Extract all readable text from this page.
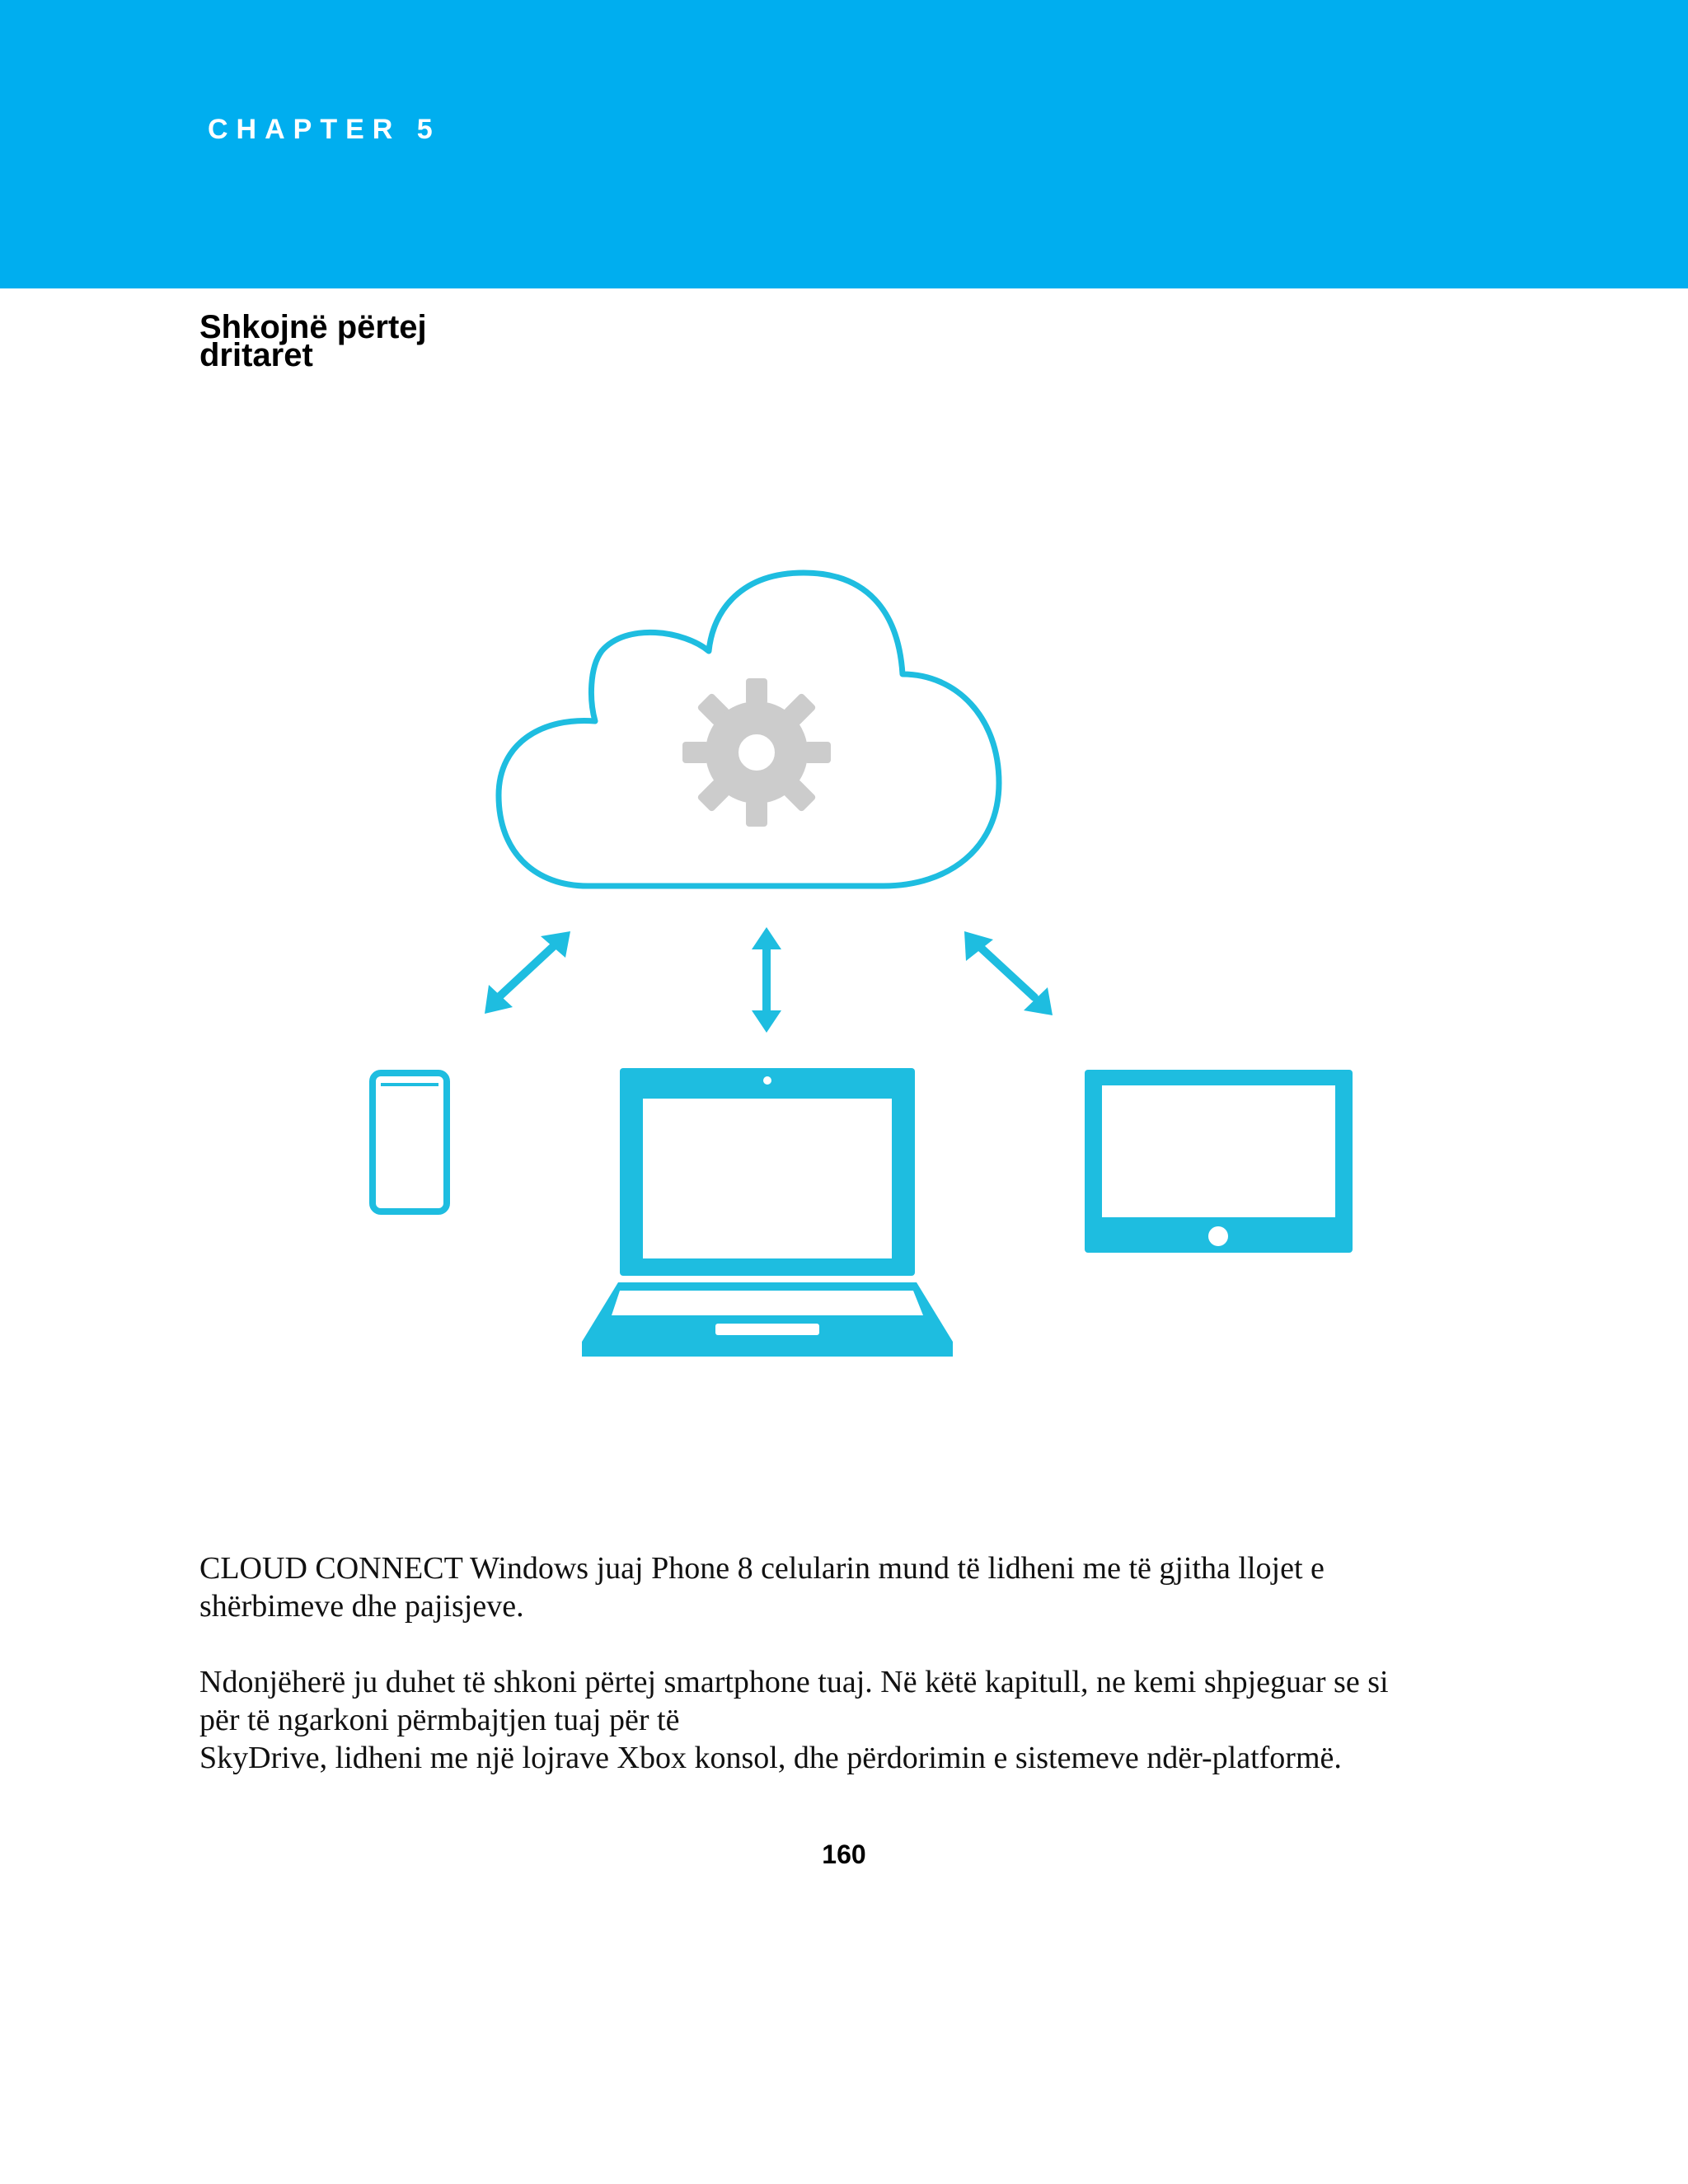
CHAPTER 5
Shkojnë përtej
dritaret

CLOUD CONNECT Windows juaj Phone 8 celularin mund të lidheni me të gjitha llojet e
shërbimeve dhe pajisjeve.

Ndonjëherë ju duhet të shkoni përtej smartphone tuaj. Në këtë kapitull, ne kemi shpjeguar se si
për të ngarkoni përmbajtjen tuaj për të
SkyDrive, lidheni me një lojrave Xbox konsol, dhe përdorimin e sistemeve ndër-platformë.

160
